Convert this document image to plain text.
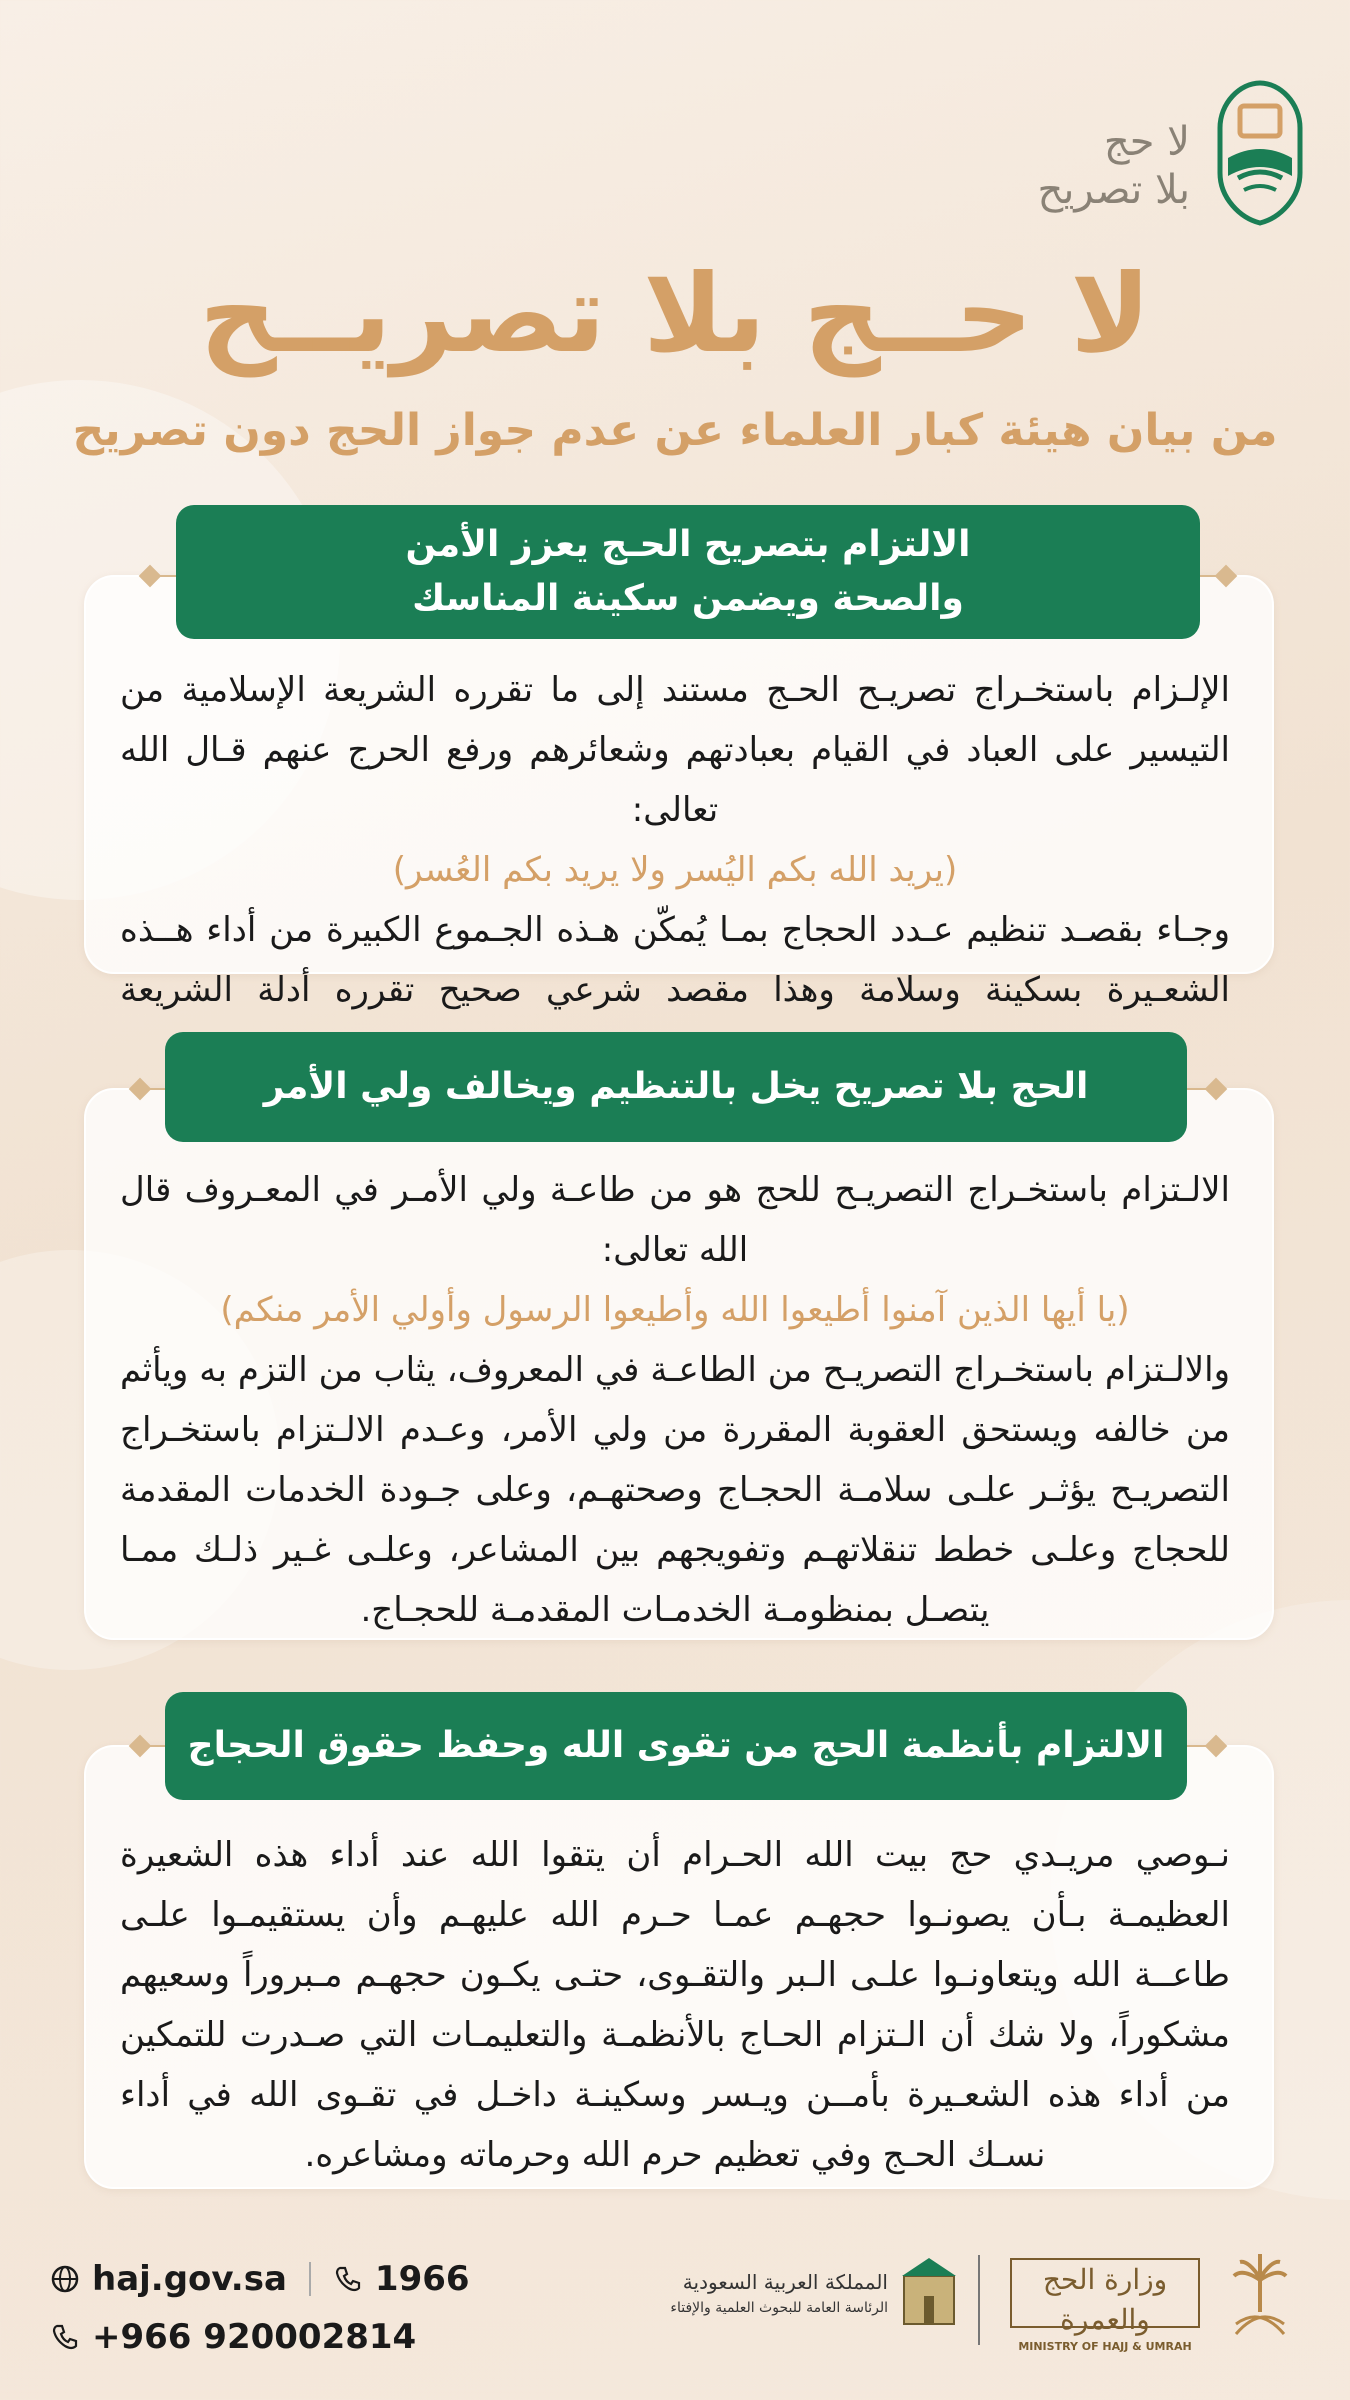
لا حج
بلا تصريح
لا حــج بلا تصريــح
من بيان هيئة كبار العلماء عن عدم جواز الحج دون تصريح
الالتزام بتصريح الحـج يعزز الأمن
والصحة ويضمن سكينة المناسك

الإلـزام باستخـراج تصريـح الحـج مستند إلى ما تقرره الشريعة الإسلامية من التيسير على العباد في القيام بعبادتهم وشعائرهم ورفع الحرج عنهم قـال الله تعالى:

(يريد الله بكم اليُسر ولا يريد بكم العُسر)

وجـاء بقصـد تنظيم عـدد الحجاج بمـا يُمكّن هـذه الجـموع الكبيرة من أداء هــذه الشعـيرة بسكينة وسلامة وهذا مقصد شرعي صحيح تقرره أدلة الشريعة

الحج بلا تصريح يخل بالتنظيم ويخالف ولي الأمر

الالـتزام باستخـراج التصريـح للحج هو من طاعـة ولي الأمـر في المعـروف قال الله تعالى:

(يا أيها الذين آمنوا أطيعوا الله وأطيعوا الرسول وأولي الأمر منكم)

والالـتزام باستخـراج التصريـح من الطاعـة في المعروف، يثاب من التزم به ويأثم من خالفه ويستحق العقوبة المقررة من ولي الأمر، وعـدم الالـتزام باستخـراج التصريـح يؤثـر علـى سلامـة الحجـاج وصحتهـم، وعلى جـودة الخدمات المقدمة للحجاج وعلـى خطط تنقلاتهـم وتفويجهم بين المشاعر، وعلـى غـير ذلـك ممـا يتصـل بمنظومـة الخدمـات المقدمـة للحجـاج.

الالتزام بأنظمة الحج من تقوى الله وحفظ حقوق الحجاج

نـوصي مريـدي حج بيت الله الحـرام أن يتقوا الله عند أداء هذه الشعيرة العظيمـة بـأن يصونـوا حجهـم عمـا حـرم الله عليهـم وأن يستقيمـوا علـى طاعــة الله ويتعاونـوا علـى الـبر والتقـوى، حتـى يكـون حجهـم مـبروراً وسعيهم مشكوراً، ولا شك أن الـتزام الحـاج بالأنظمـة والتعليمـات التي صـدرت للتمكين من أداء هذه الشعـيرة بأمــن ويـسر وسكينـة داخـل في تقـوى الله في أداء نسـك الحـج وفي تعظيم حرم الله وحرماته ومشاعره.

haj.gov.sa	1966
+966 920002814
المملكة العربية السعودية
الرئاسة العامة للبحوث العلمية والإفتاء
وزارة الحج والعمرة
MINISTRY OF HAJJ & UMRAH
